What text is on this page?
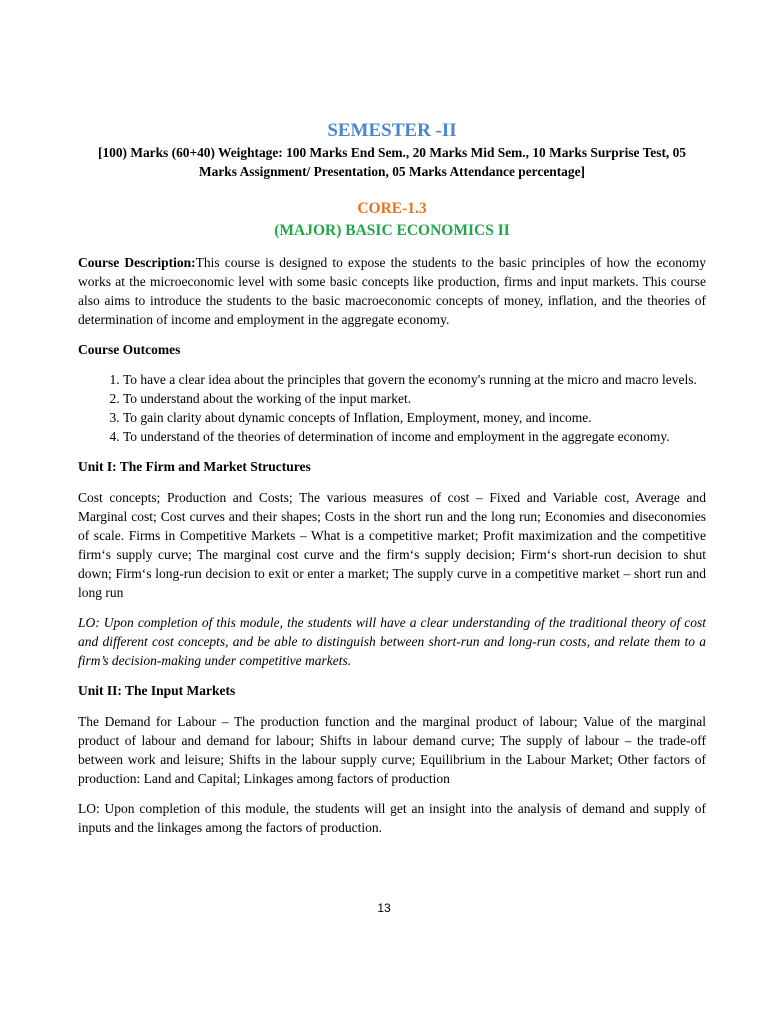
SEMESTER -II

[100) Marks (60+40) Weightage: 100 Marks End Sem., 20 Marks Mid Sem., 10 Marks Surprise Test, 05 Marks Assignment/ Presentation, 05 Marks Attendance percentage]

CORE-1.3

(MAJOR) BASIC ECONOMICS II

Course Description:This course is designed to expose the students to the basic principles of how the economy works at the microeconomic level with some basic concepts like production, firms and input markets. This course also aims to introduce the students to the basic macroeconomic concepts of money, inflation, and the theories of determination of income and employment in the aggregate economy.

Course Outcomes

1. To have a clear idea about the principles that govern the economy's running at the micro and macro levels.
2. To understand about the working of the input market.
3. To gain clarity about dynamic concepts of Inflation, Employment, money, and income.
4. To understand of the theories of determination of income and employment in the aggregate economy.

Unit I: The Firm and Market Structures

Cost concepts; Production and Costs; The various measures of cost – Fixed and Variable cost, Average and Marginal cost; Cost curves and their shapes; Costs in the short run and the long run; Economies and diseconomies of scale. Firms in Competitive Markets – What is a competitive market; Profit maximization and the competitive firm‘s supply curve; The marginal cost curve and the firm‘s supply decision; Firm‘s short-run decision to shut down; Firm‘s long-run decision to exit or enter a market; The supply curve in a competitive market – short run and long run

LO: Upon completion of this module, the students will have a clear understanding of the traditional theory of cost and different cost concepts, and be able to distinguish between short-run and long-run costs, and relate them to a firm’s decision-making under competitive markets.

Unit II: The Input Markets

The Demand for Labour – The production function and the marginal product of labour; Value of the marginal product of labour and demand for labour; Shifts in labour demand curve; The supply of labour – the trade-off between work and leisure; Shifts in the labour supply curve; Equilibrium in the Labour Market; Other factors of production: Land and Capital; Linkages among factors of production

LO: Upon completion of this module, the students will get an insight into the analysis of demand and supply of inputs and the linkages among the factors of production.

13
